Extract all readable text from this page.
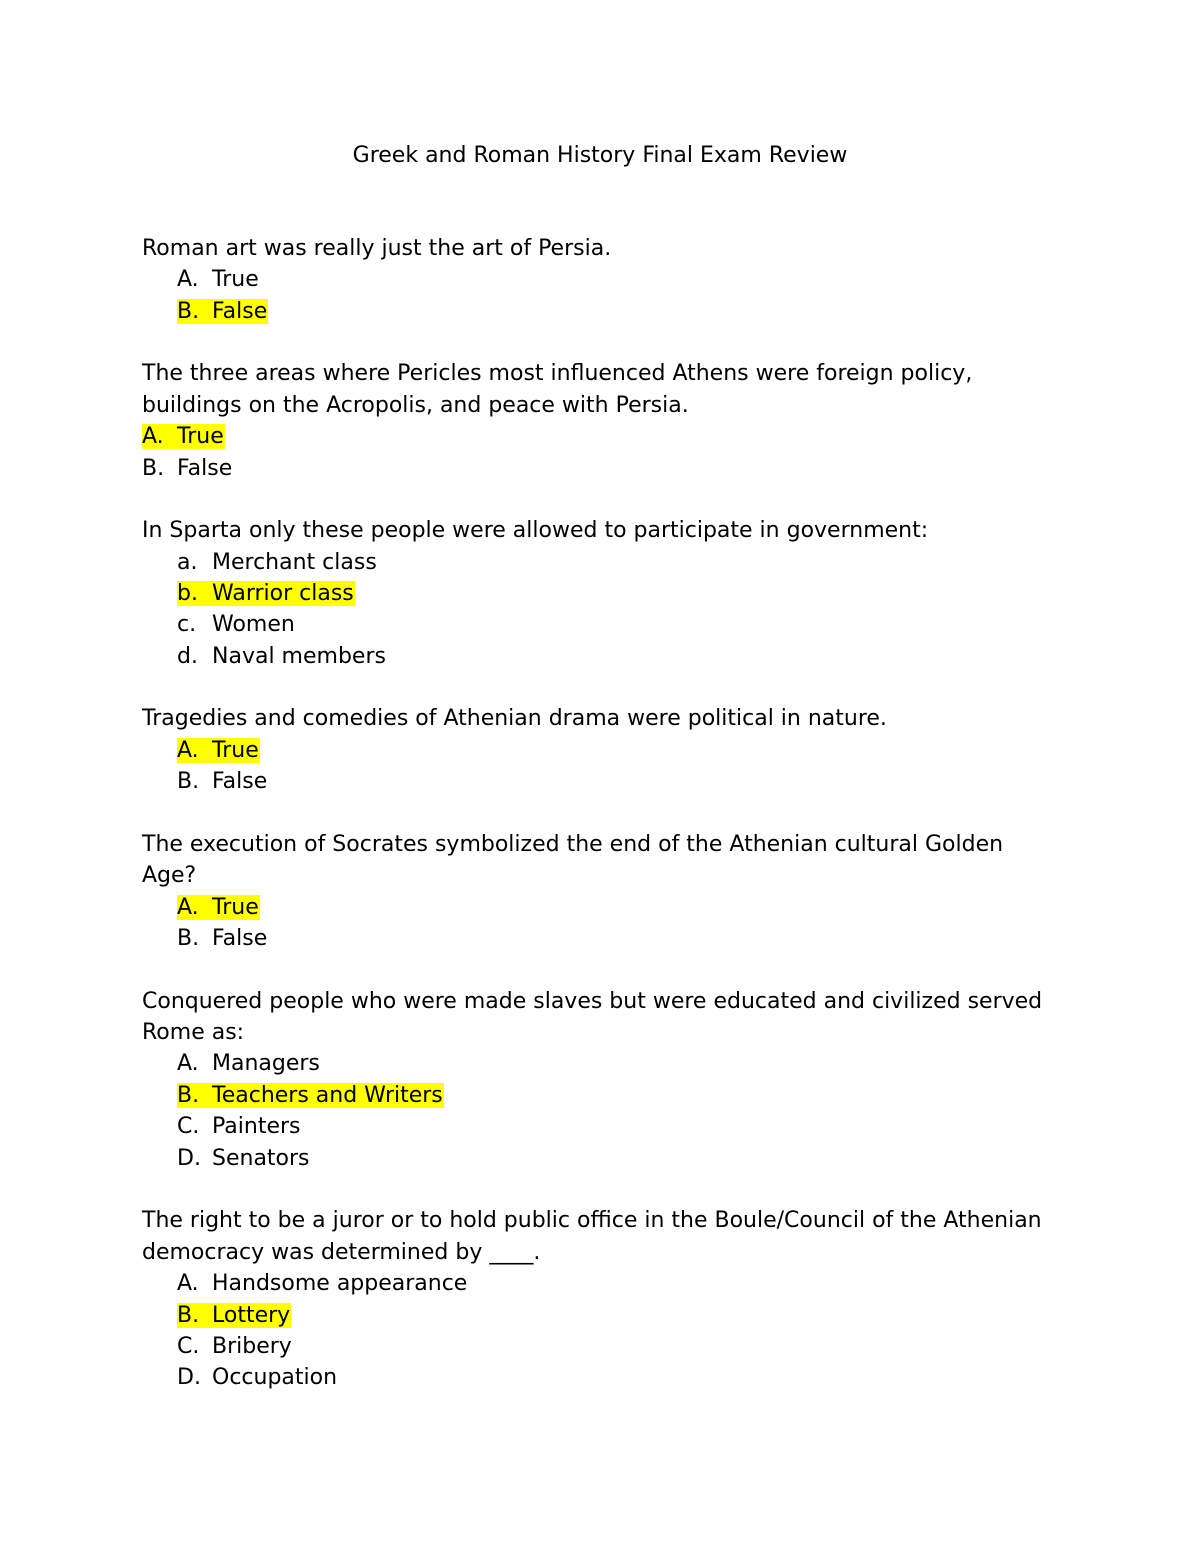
Greek and Roman History Final Exam Review

Roman art was really just the art of Persia.

A. True
B. False

The three areas where Pericles most influenced Athens were foreign policy, buildings on the Acropolis, and peace with Persia.

A. True
B. False

In Sparta only these people were allowed to participate in government:

a. Merchant class
b. Warrior class
c. Women
d. Naval members

Tragedies and comedies of Athenian drama were political in nature.

A. True
B. False

The execution of Socrates symbolized the end of the Athenian cultural Golden Age?

A. True
B. False

Conquered people who were made slaves but were educated and civilized served Rome as:

A. Managers
B. Teachers and Writers
C. Painters
D. Senators

The right to be a juror or to hold public office in the Boule/Council of the Athenian democracy was determined by ____.

A. Handsome appearance
B. Lottery
C. Bribery
D. Occupation
